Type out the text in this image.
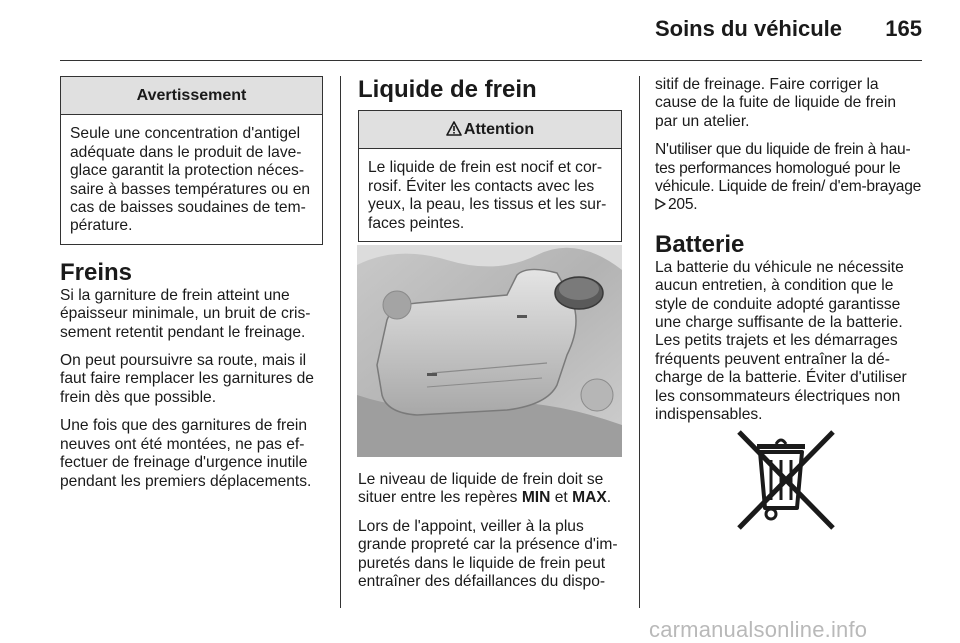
Soins du véhicule 165
Avertissement
Seule une concentration d'antigel adéquate dans le produit de lave-glace garantit la protection néces-saire à basses températures ou en cas de baisses soudaines de tem-pérature.
Freins

Si la garniture de frein atteint une épaisseur minimale, un bruit de cris-sement retentit pendant le freinage.

On peut poursuivre sa route, mais il faut faire remplacer les garnitures de frein dès que possible.

Une fois que des garnitures de frein neuves ont été montées, ne pas ef-fectuer de freinage d'urgence inutile pendant les premiers déplacements.

Liquide de frein
Attention
Le liquide de frein est nocif et cor-rosif. Éviter les contacts avec les yeux, la peau, les tissus et les sur-faces peintes.

Le niveau de liquide de frein doit se situer entre les repères MIN et MAX.

Lors de l'appoint, veiller à la plus grande propreté car la présence d'im-puretés dans le liquide de frein peut entraîner des défaillances du dispo-

sitif de freinage. Faire corriger la cause de la fuite de liquide de frein par un atelier.

N'utiliser que du liquide de frein à hau-tes performances homologué pour le véhicule. Liquide de frein/ d'em-brayage 205.

Batterie

La batterie du véhicule ne nécessite aucun entretien, à condition que le style de conduite adopté garantisse une charge suffisante de la batterie. Les petits trajets et les démarrages fréquents peuvent entraîner la dé-charge de la batterie. Éviter d'utiliser les consommateurs électriques non indispensables.

carmanualsonline.info
